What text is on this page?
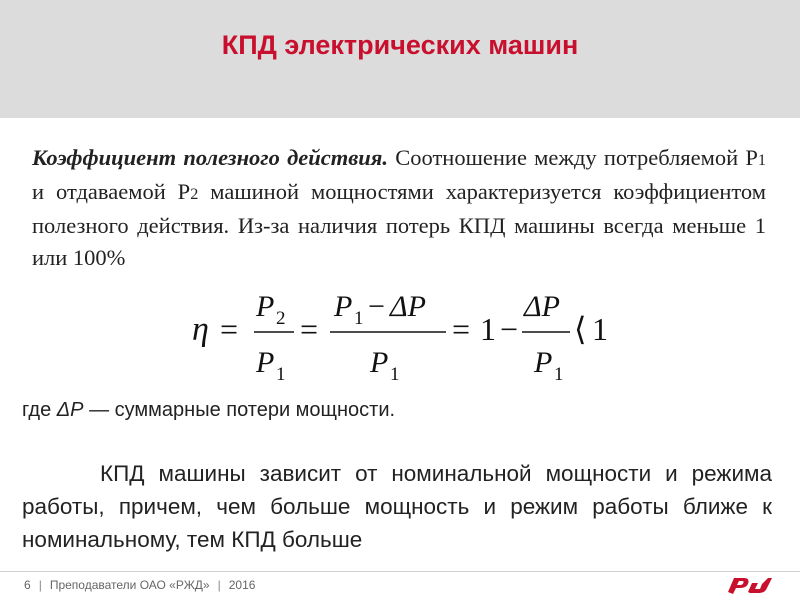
КПД электрических машин
Коэффициент полезного действия. Соотношение между потребляемой Р1 и отдаваемой Р2 машиной мощностями характеризуется коэффициентом полезного действия. Из-за наличия потерь КПД машины всегда меньше 1 или 100%
η =
P 2
P 1
=
P 1 − ΔP
P 1
= 1 −
ΔP
P 1
⟨ 1
где ΔP — суммарные потери мощности.
КПД машины зависит от номинальной мощности и режима работы, причем, чем больше мощность и режим работы ближе к номинальному, тем КПД больше
6 | Преподаватели ОАО «РЖД» | 2016
